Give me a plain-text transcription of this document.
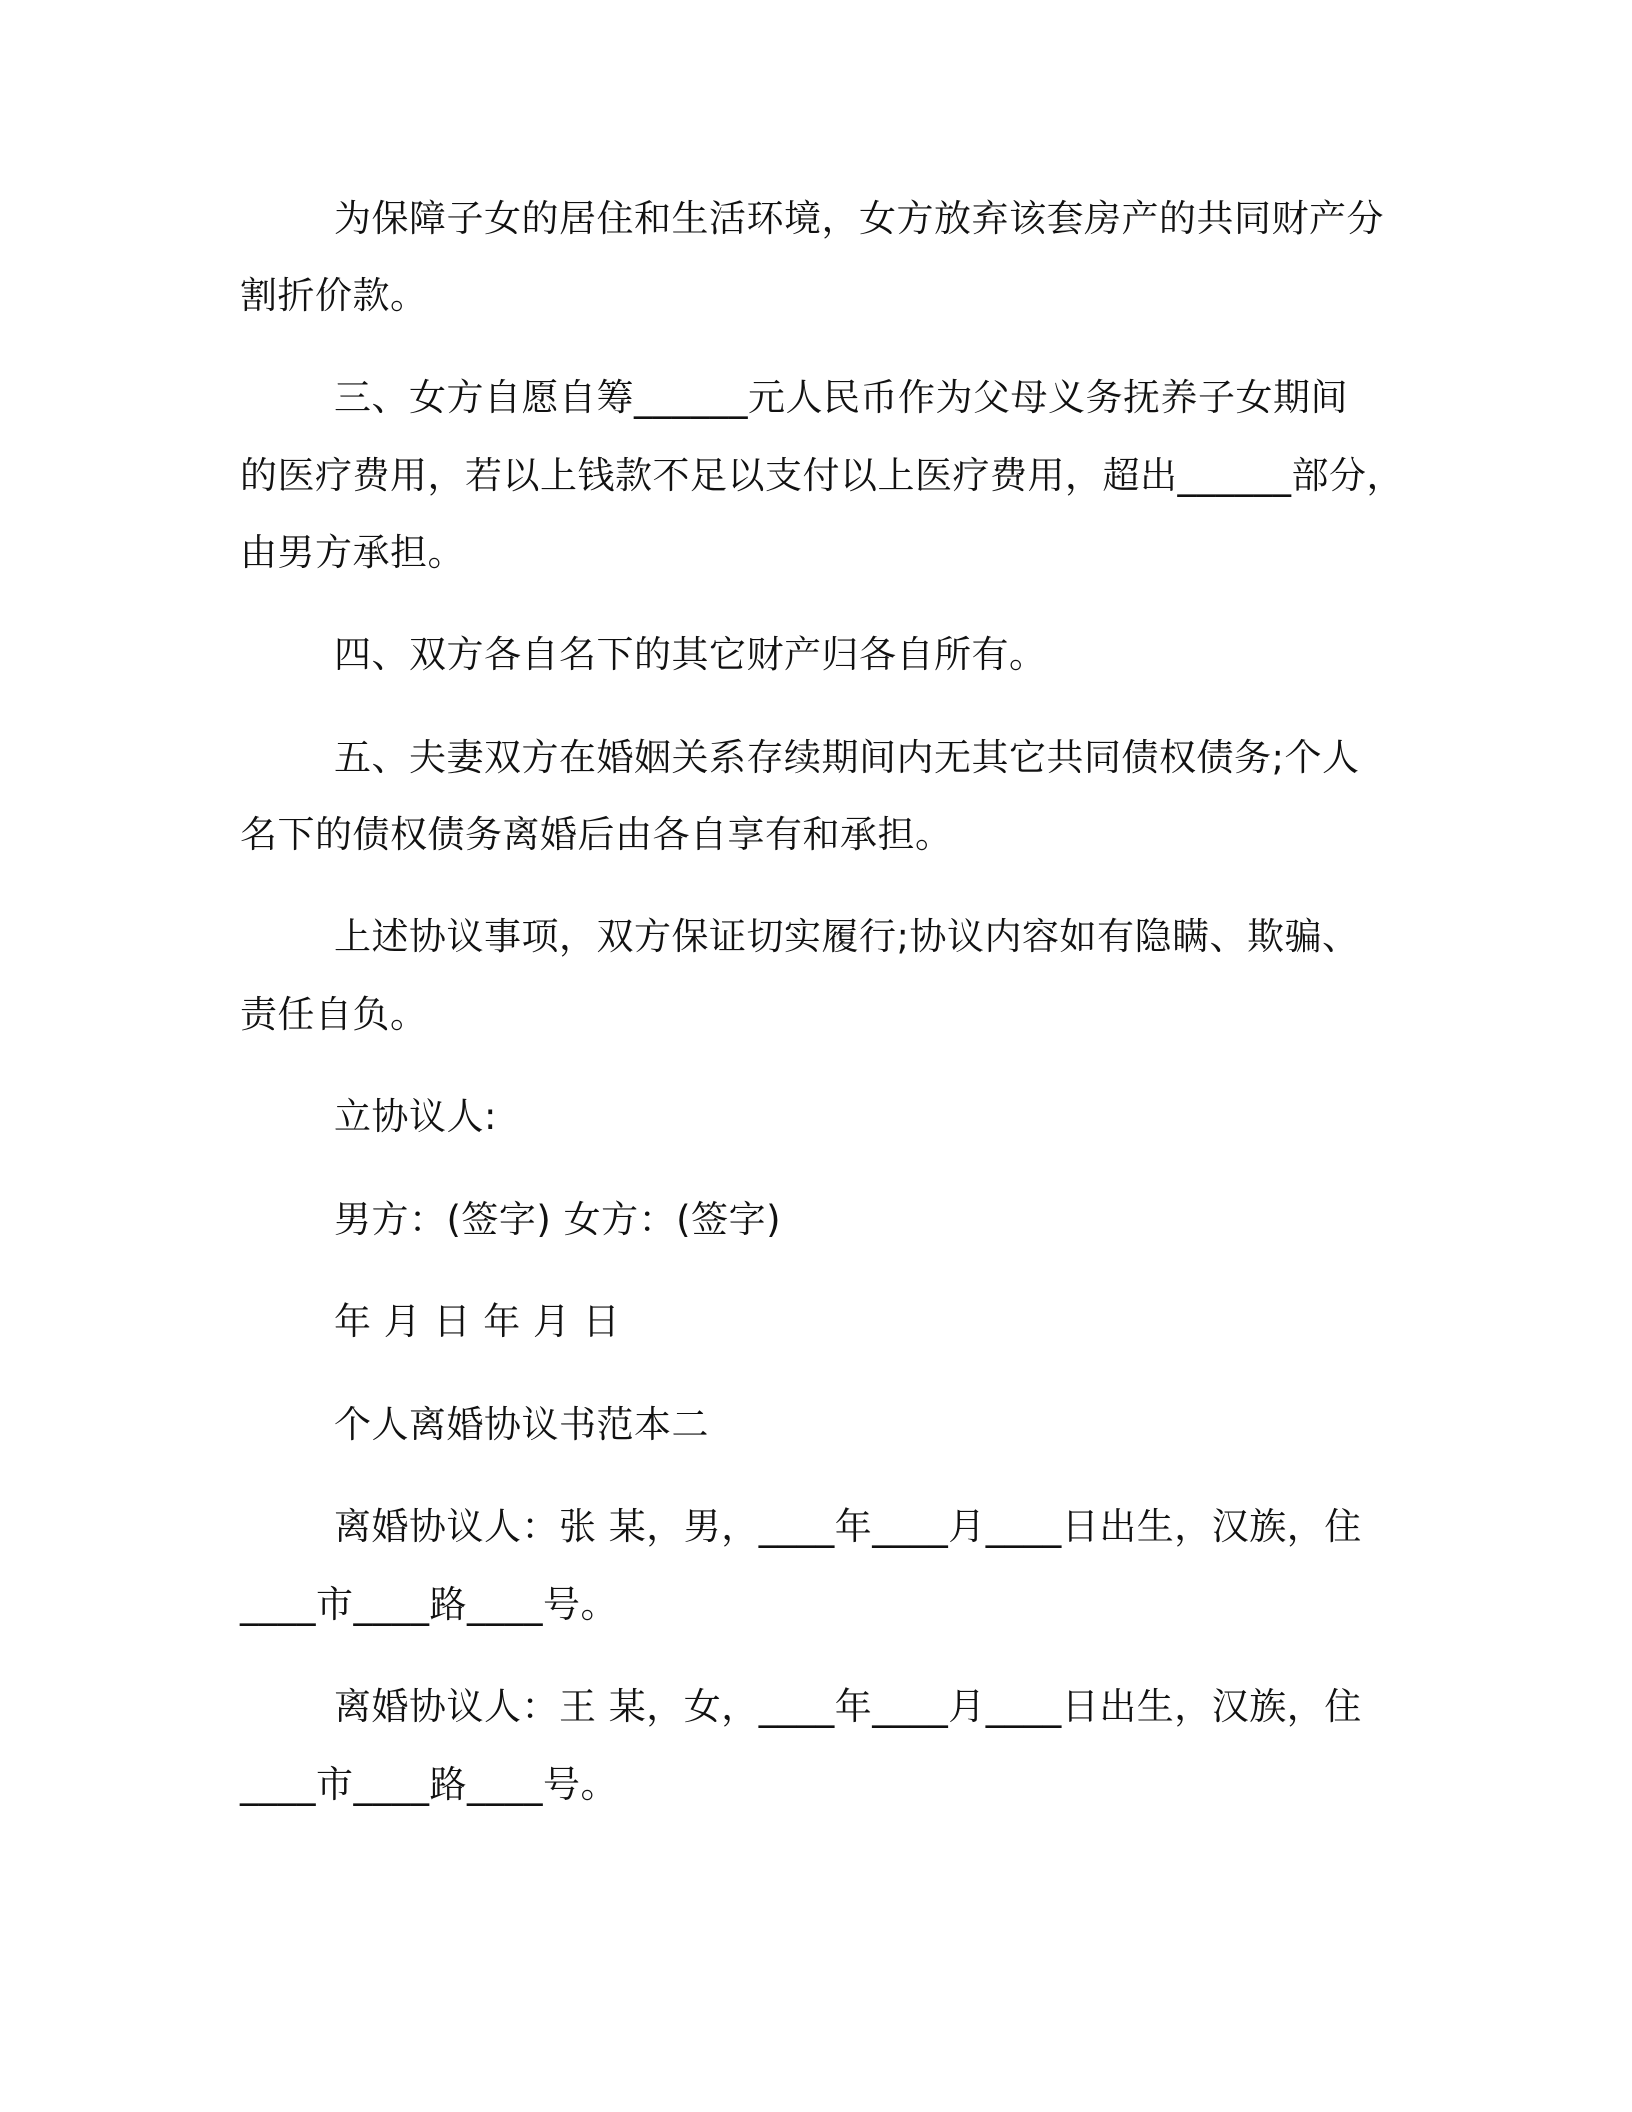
为保障子女的居住和生活环境，女方放弃该套房产的共同财产分
割折价款。
三、女方自愿自筹______元人民币作为父母义务抚养子女期间
的医疗费用，若以上钱款不足以支付以上医疗费用，超出______部分，
由男方承担。
四、双方各自名下的其它财产归各自所有。
五、夫妻双方在婚姻关系存续期间内无其它共同债权债务;个人
名下的债权债务离婚后由各自享有和承担。
上述协议事项，双方保证切实履行;协议内容如有隐瞒、欺骗、
责任自负。
立协议人:
男方：(签字) 女方：(签字)
年 月 日 年 月 日
个人离婚协议书范本二
离婚协议人：张 某，男，____年____月____日出生，汉族，住
____市____路____号。
离婚协议人：王 某，女，____年____月____日出生，汉族，住
____市____路____号。
